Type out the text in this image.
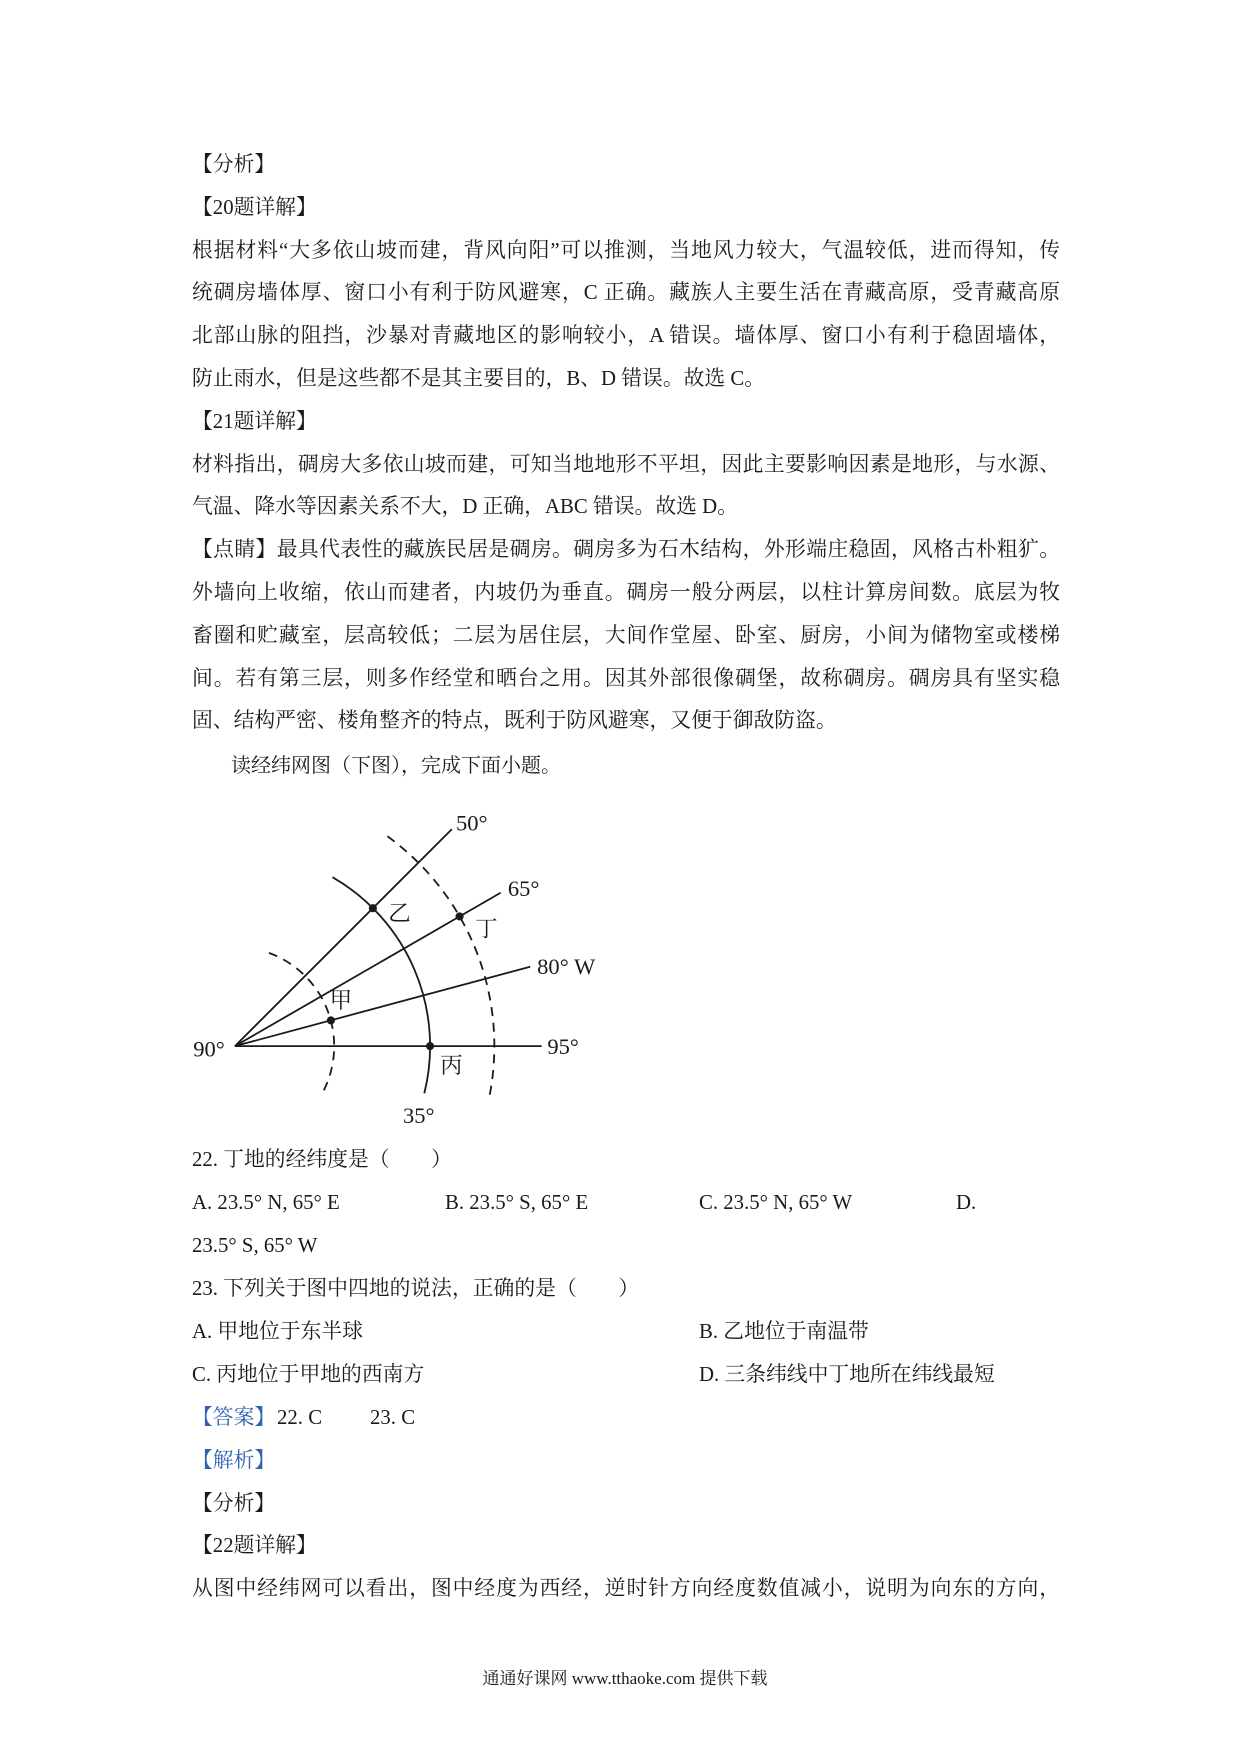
【分析】
【20题详解】
根据材料“大多依山坡而建，背风向阳”可以推测，当地风力较大，气温较低，进而得知，传
统碉房墙体厚、窗口小有利于防风避寒，C 正确。藏族人主要生活在青藏高原，受青藏高原
北部山脉的阻挡，沙暴对青藏地区的影响较小，A 错误。墙体厚、窗口小有利于稳固墙体，
防止雨水，但是这些都不是其主要目的，B、D 错误。故选 C。
【21题详解】
材料指出，碉房大多依山坡而建，可知当地地形不平坦，因此主要影响因素是地形，与水源、
气温、降水等因素关系不大，D 正确，ABC 错误。故选 D。
【点睛】最具代表性的藏族民居是碉房。碉房多为石木结构，外形端庄稳固，风格古朴粗犷。
外墙向上收缩，依山而建者，内坡仍为垂直。碉房一般分两层，以柱计算房间数。底层为牧
畜圈和贮藏室，层高较低；二层为居住层，大间作堂屋、卧室、厨房，小间为储物室或楼梯
间。若有第三层，则多作经堂和晒台之用。因其外部很像碉堡，故称碉房。碉房具有坚实稳
固、结构严密、楼角整齐的特点，既利于防风避寒，又便于御敌防盗。
读经纬网图（下图），完成下面小题。
50°
65°
80° W
95°
90°
35°
甲
乙
丙
丁
22. 丁地的经纬度是（　　）
A. 23.5° N, 65° E	B. 23.5° S, 65° E	C. 23.5° N, 65° W	D.
23.5° S, 65° W
23. 下列关于图中四地的说法，正确的是（　　）
A. 甲地位于东半球	B. 乙地位于南温带
C. 丙地位于甲地的西南方	D. 三条纬线中丁地所在纬线最短
【答案】 22. C 23. C
【解析】
【分析】
【22题详解】
从图中经纬网可以看出，图中经度为西经，逆时针方向经度数值减小，说明为向东的方向，
通通好课网 www.tthaoke.com 提供下载
